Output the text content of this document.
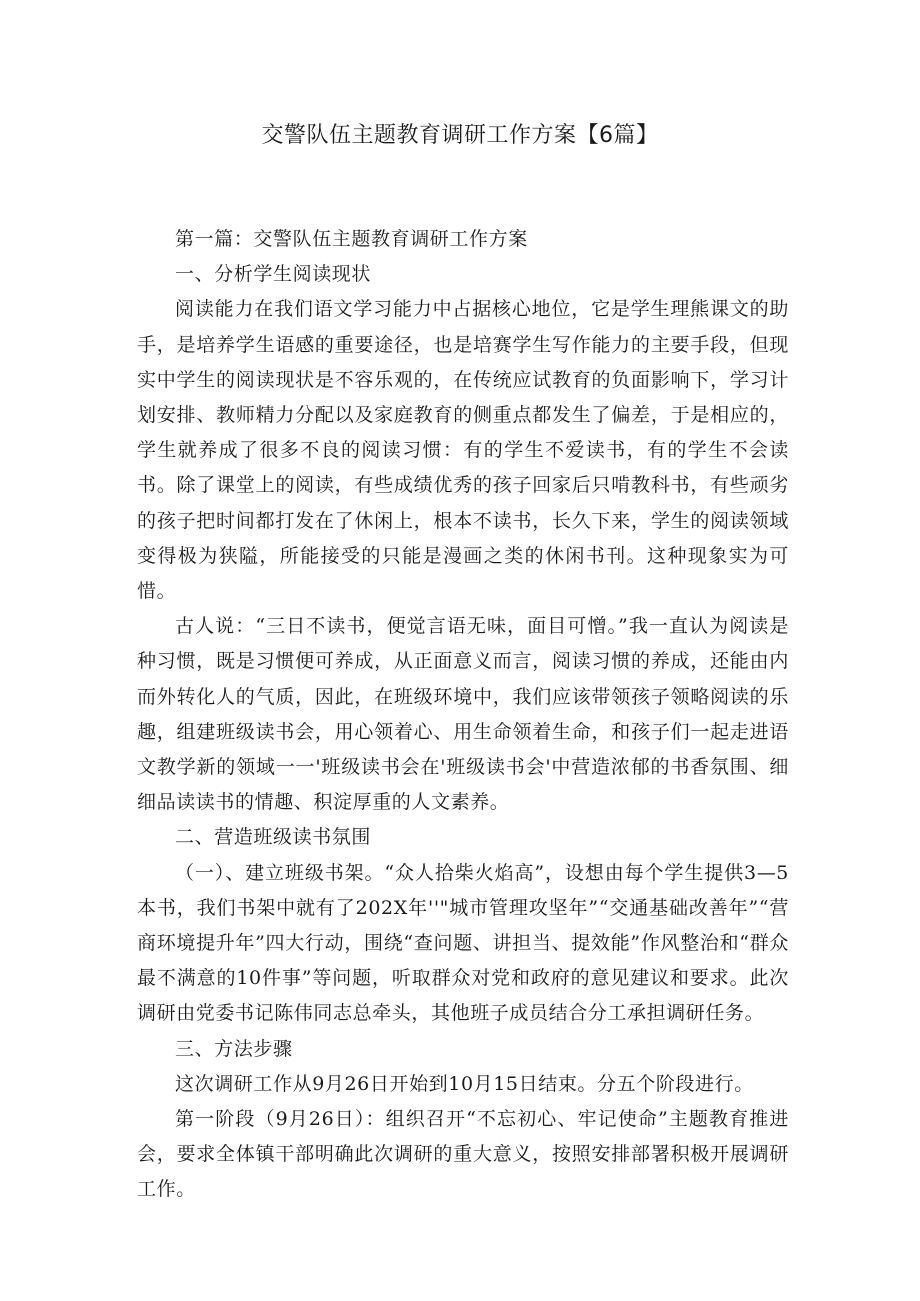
交警队伍主题教育调研工作方案【6篇】

第一篇：交警队伍主题教育调研工作方案

一、分析学生阅读现状

阅读能力在我们语文学习能力中占据核心地位，它是学生理熊课文的助手，是培养学生语感的重要途径，也是培赛学生写作能力的主要手段，但现实中学生的阅读现状是不容乐观的，在传统应试教育的负面影响下，学习计划安排、教师精力分配以及家庭教育的侧重点都发生了偏差，于是相应的，学生就养成了很多不良的阅读习惯：有的学生不爱读书，有的学生不会读书。除了课堂上的阅读，有些成绩优秀的孩子回家后只啃教科书，有些顽劣的孩子把时间都打发在了休闲上，根本不读书，长久下来，学生的阅读领域变得极为狭隘，所能接受的只能是漫画之类的休闲书刊。这种现象实为可惜。

古人说：“三日不读书，便觉言语无味，面目可憎。”我一直认为阅读是种习惯，既是习惯便可养成，从正面意义而言，阅读习惯的养成，还能由内而外转化人的气质，因此，在班级环境中，我们应该带领孩子领略阅读的乐趣，组建班级读书会，用心领着心、用生命领着生命，和孩子们一起走进语文教学新的领域一一'班级读书会在'班级读书会'中营造浓郁的书香氛围、细细品读读书的情趣、积淀厚重的人文素养。

二、营造班级读书氛围

（一）、建立班级书架。“众人拾柴火焰高”，设想由每个学生提供3—5本书，我们书架中就有了202X年''"城市管理攻坚年”“交通基础改善年”“营商环境提升年”四大行动，围绕“查问题、讲担当、提效能”作风整治和“群众最不满意的10件事”等问题，听取群众对党和政府的意见建议和要求。此次调研由党委书记陈伟同志总牵头，其他班子成员结合分工承担调研任务。

三、方法步骤

这次调研工作从9月26日开始到10月15日结束。分五个阶段进行。

第一阶段（9月26日）：组织召开“不忘初心、牢记使命”主题教育推进会，要求全体镇干部明确此次调研的重大意义，按照安排部署积极开展调研工作。
